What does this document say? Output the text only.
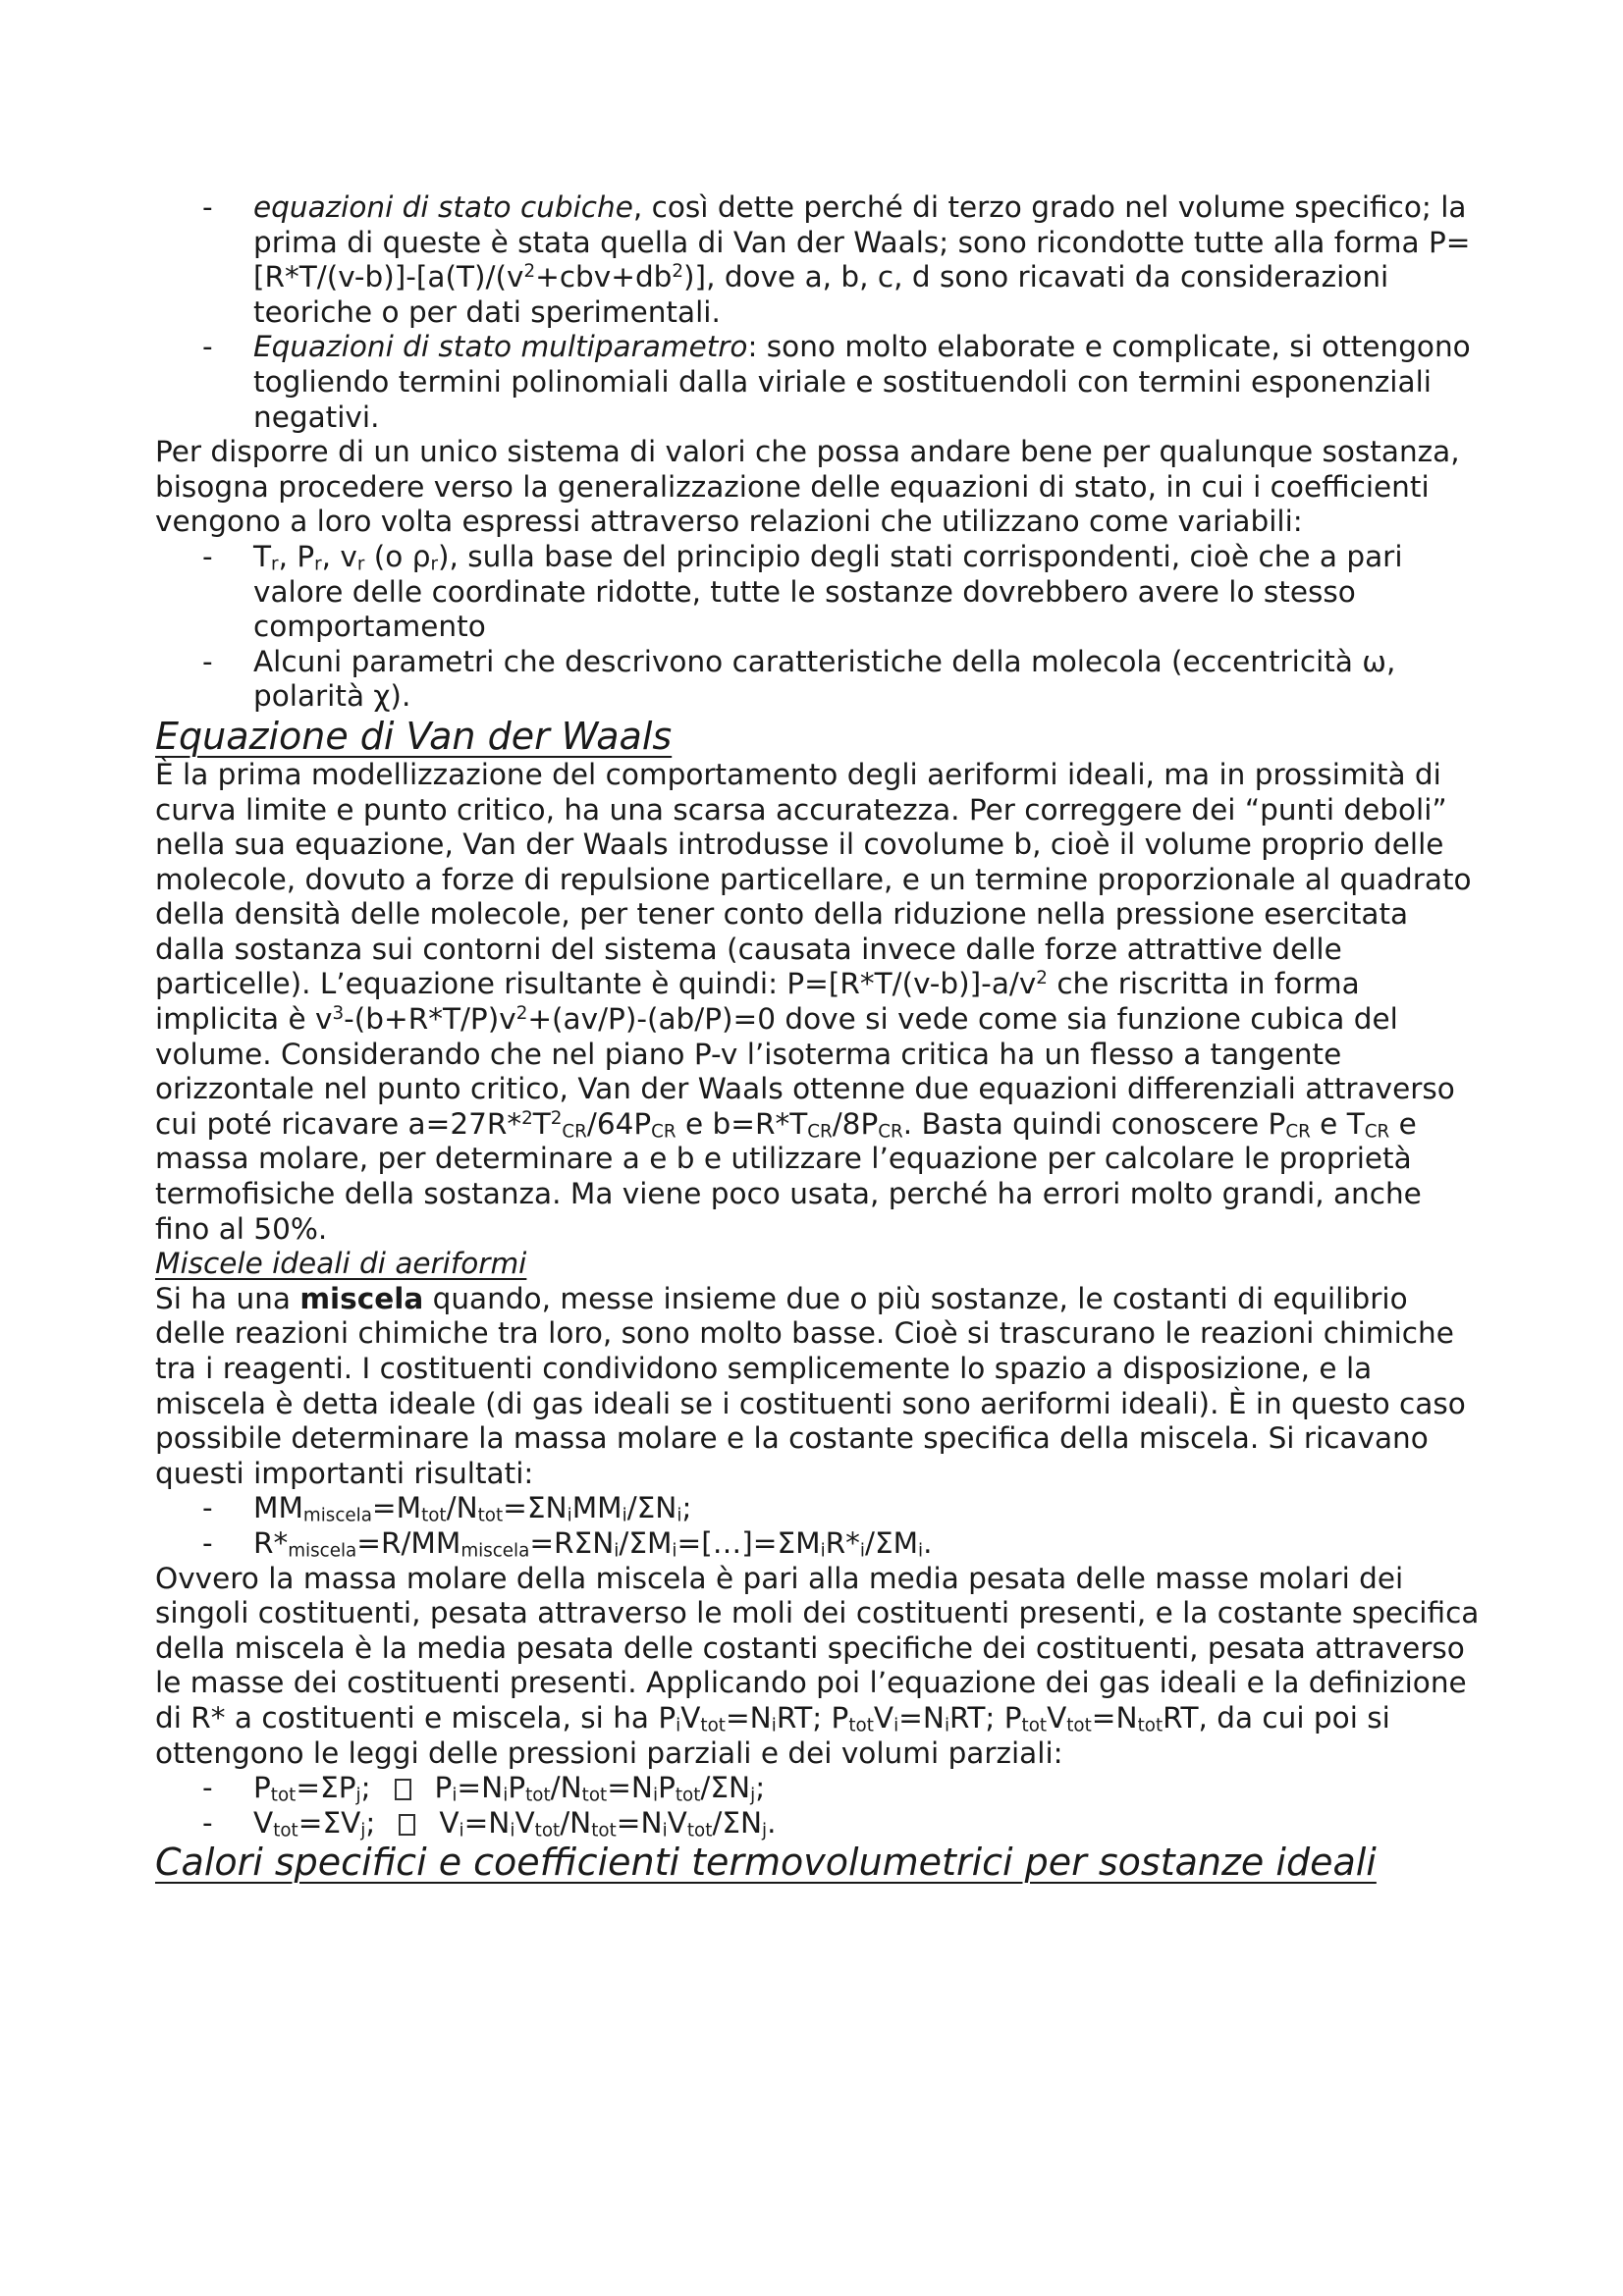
- equazioni di stato cubiche, così dette perché di terzo grado nel volume specifico; la prima di queste è stata quella di Van der Waals; sono ricondotte tutte alla forma $P=[R*T/(v-b)]-[a(T)/(v^2+cbv+db^2)]$, dove a, b, c, d sono ricavati da considerazioni teoriche o per dati sperimentali.
- Equazioni di stato multiparametro: sono molto elaborate e complicate, si ottengono togliendo termini polinomiali dalla viriale e sostituendoli con termini esponenziali negativi.

Per disporre di un unico sistema di valori che possa andare bene per qualunque sostanza, bisogna procedere verso la generalizzazione delle equazioni di stato, in cui i coefficienti vengono a loro volta espressi attraverso relazioni che utilizzano come variabili:

- $T_r$, $P_r$, $v_r$ (o $\rho_r$), sulla base del principio degli stati corrispondenti, cioè che a pari valore delle coordinate ridotte, tutte le sostanze dovrebbero avere lo stesso comportamento
- Alcuni parametri che descrivono caratteristiche della molecola (eccentricità ω, polarità χ).
Equazione di Van der Waals

È la prima modellizzazione del comportamento degli aeriformi ideali, ma in prossimità di curva limite e punto critico, ha una scarsa accuratezza. Per correggere dei “punti deboli” nella sua equazione, Van der Waals introdusse il covolume b, cioè il volume proprio delle molecole, dovuto a forze di repulsione particellare, e un termine proporzionale al quadrato della densità delle molecole, per tener conto della riduzione nella pressione esercitata dalla sostanza sui contorni del sistema (causata invece dalle forze attrattive delle particelle). L’equazione risultante è quindi: $P=[R*T/(v-b)]-a/v^2$ che riscritta in forma implicita è $v^3-(b+R*T/P)v^2+(av/P)-(ab/P)=0$ dove si vede come sia funzione cubica del volume. Considerando che nel piano P-v l’isoterma critica ha un flesso a tangente orizzontale nel punto critico, Van der Waals ottenne due equazioni differenziali attraverso cui poté ricavare $a=27R*^2T^2_{CR}/64P_{CR}$ e $b=R*T_{CR}/8P_{CR}$. Basta quindi conoscere $P_{CR}$ e $T_{CR}$ e massa molare, per determinare a e b e utilizzare l’equazione per calcolare le proprietà termofisiche della sostanza. Ma viene poco usata, perché ha errori molto grandi, anche fino al 50%.

Miscele ideali di aeriformi

Si ha una miscela quando, messe insieme due o più sostanze, le costanti di equilibrio delle reazioni chimiche tra loro, sono molto basse. Cioè si trascurano le reazioni chimiche tra i reagenti. I costituenti condividono semplicemente lo spazio a disposizione, e la miscela è detta ideale (di gas ideali se i costituenti sono aeriformi ideali). È in questo caso possibile determinare la massa molare e la costante specifica della miscela. Si ricavano questi importanti risultati:

- $MM_{miscela}=M_{tot}/N_{tot}=\Sigma N_iMM_i/\Sigma N_i$;
- $R*_{miscela}=R/MM_{miscela}=R\Sigma N_i/\Sigma M_i=[\dots]=\Sigma M_iR*_i/\Sigma M_i$.

Ovvero la massa molare della miscela è pari alla media pesata delle masse molari dei singoli costituenti, pesata attraverso le moli dei costituenti presenti, e la costante specifica della miscela è la media pesata delle costanti specifiche dei costituenti, pesata attraverso le masse dei costituenti presenti. Applicando poi l’equazione dei gas ideali e la definizione di R* a costituenti e miscela, si ha $P_iV_{tot}=N_iRT$; $P_{tot}V_i=N_iRT$; $P_{tot}V_{tot}=N_{tot}RT$, da cui poi si ottengono le leggi delle pressioni parziali e dei volumi parziali:

- $P_{tot}=\Sigma P_j$; $P_i=N_iP_{tot}/N_{tot}=N_iP_{tot}/\Sigma N_j$;
- $V_{tot}=\Sigma V_j$; $V_i=N_iV_{tot}/N_{tot}=N_iV_{tot}/\Sigma N_j$.
Calori specifici e coefficienti termovolumetrici per sostanze ideali
